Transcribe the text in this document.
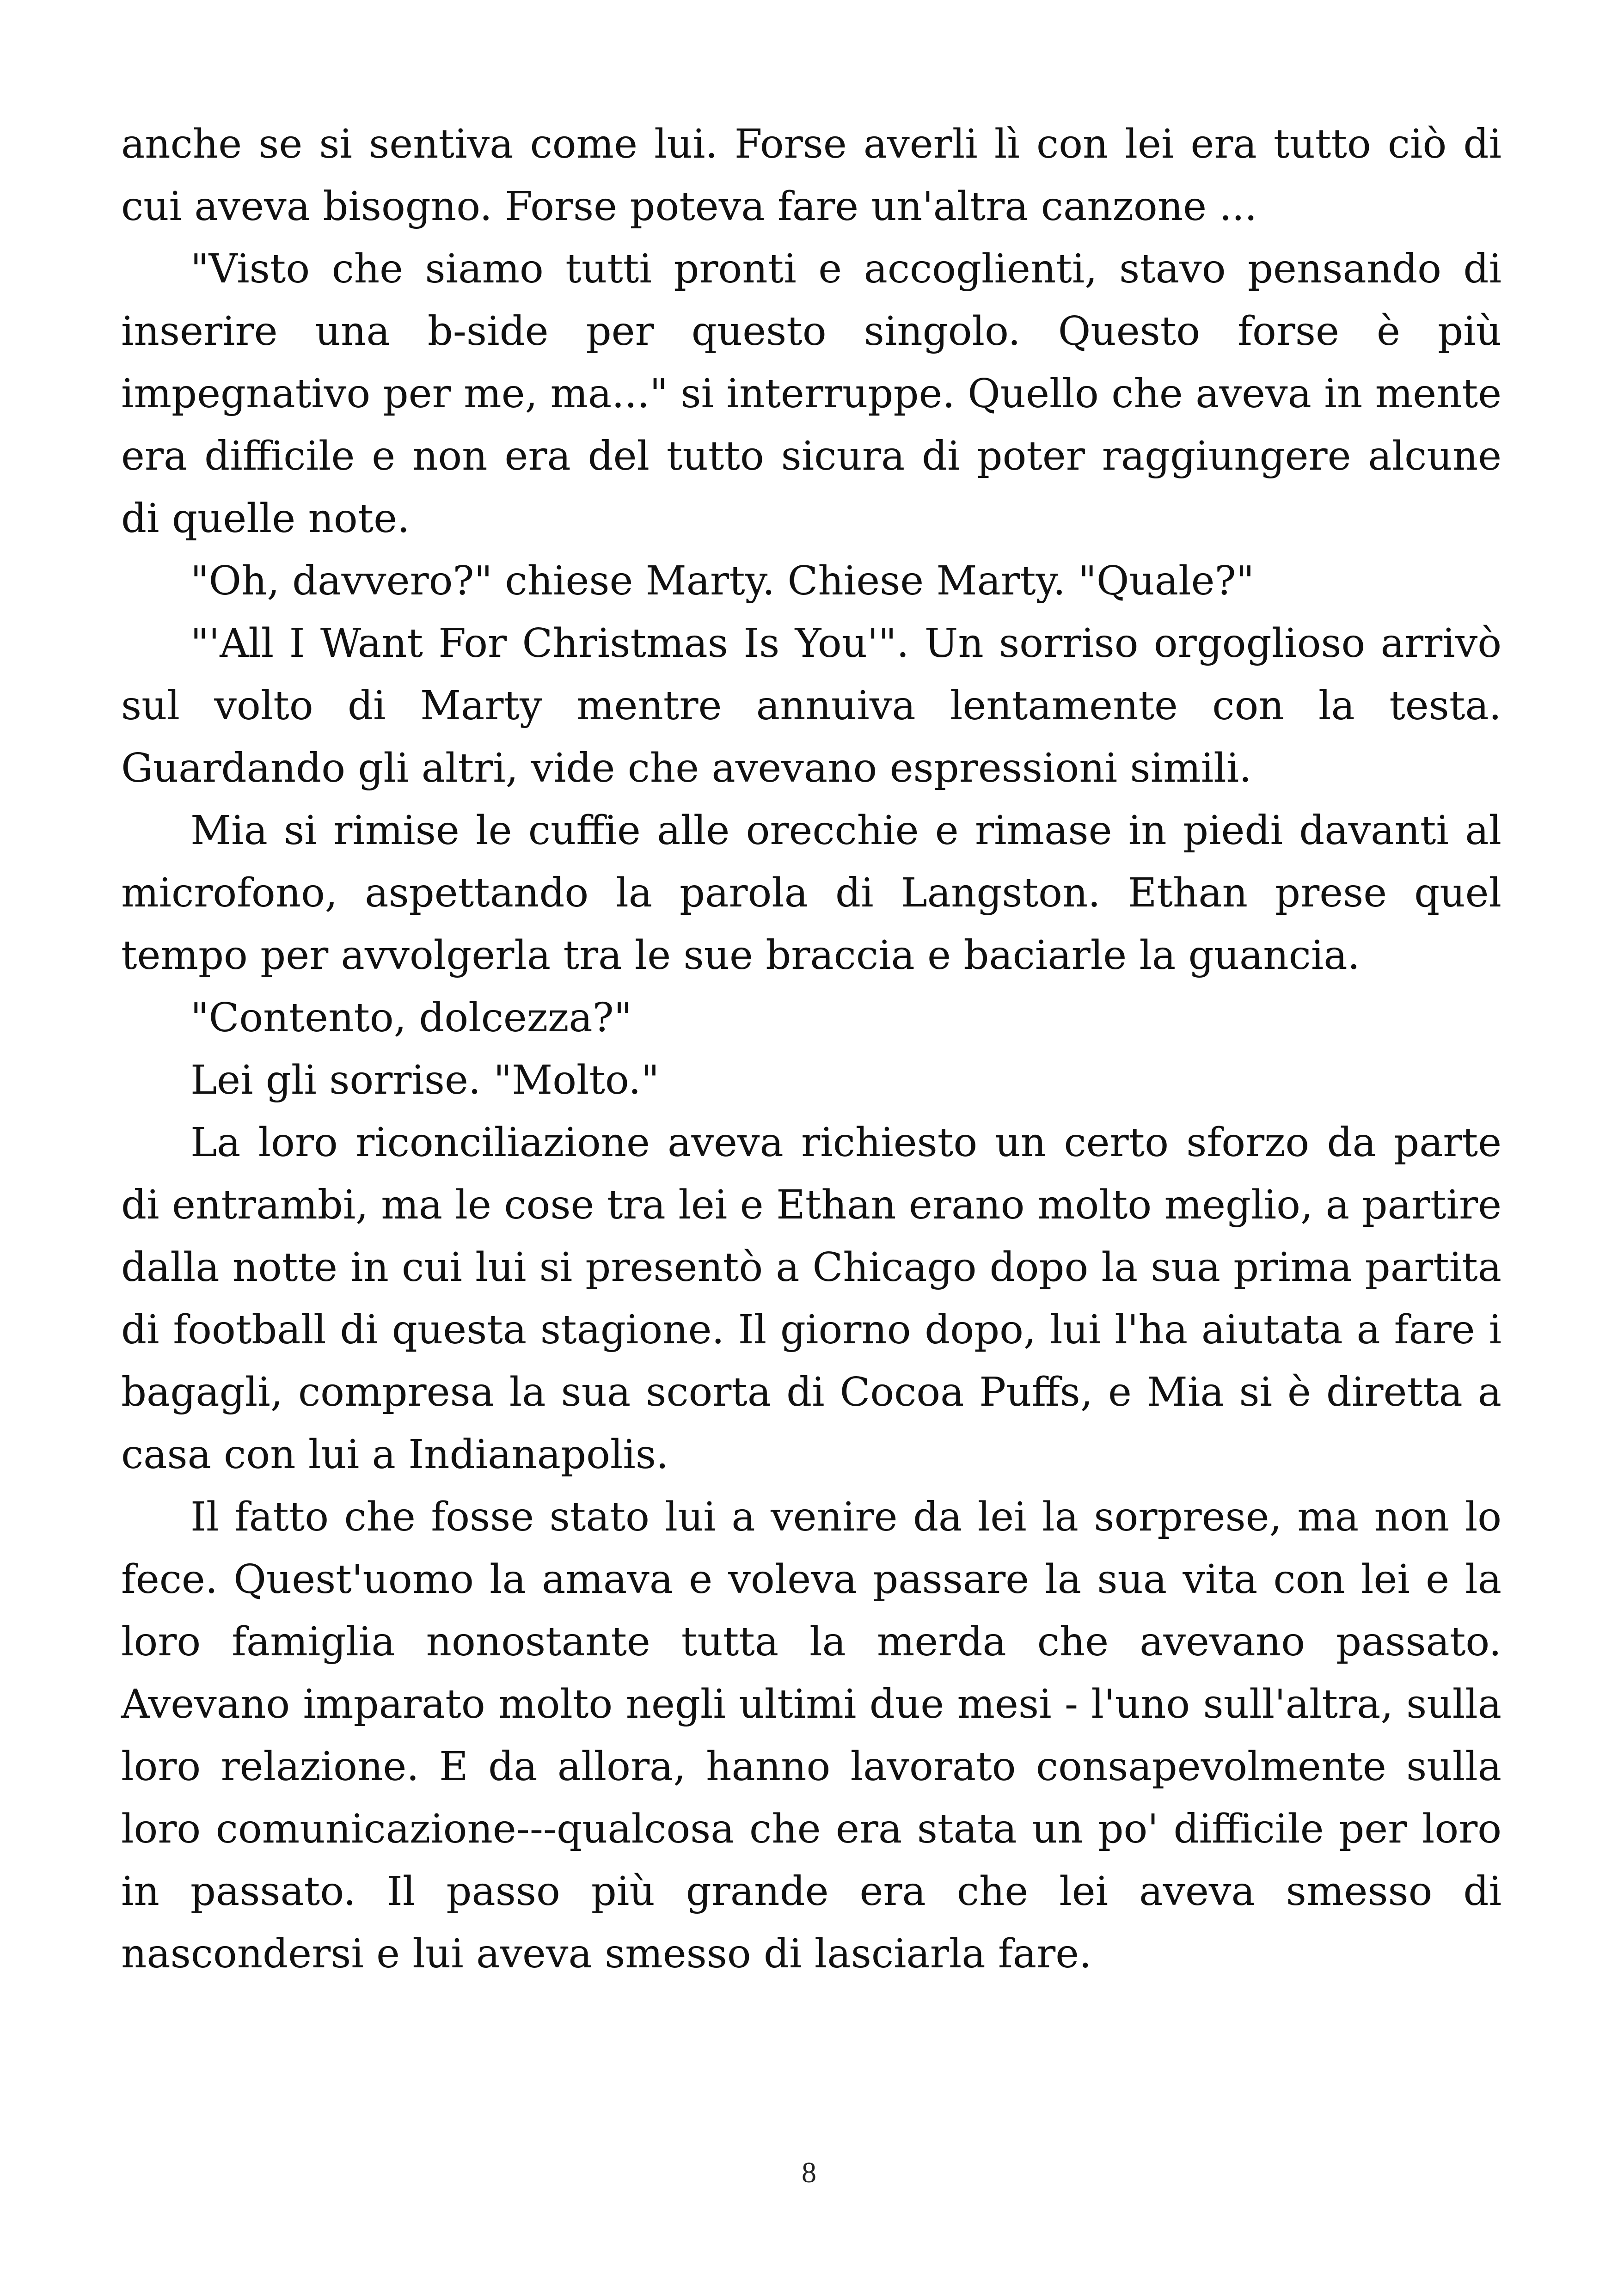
anche se si sentiva come lui. Forse averli lì con lei era tutto ciò di cui aveva bisogno. Forse poteva fare un'altra canzone ...

"Visto che siamo tutti pronti e accoglienti, stavo pensando di inserire una b-side per questo singolo. Questo forse è più impegnativo per me, ma..." si interruppe. Quello che aveva in mente era difficile e non era del tutto sicura di poter raggiungere alcune di quelle note.

"Oh, davvero?" chiese Marty. Chiese Marty. "Quale?"

"'All I Want For Christmas Is You'". Un sorriso orgoglioso arrivò sul volto di Marty mentre annuiva lentamente con la testa. Guardando gli altri, vide che avevano espressioni simili.

Mia si rimise le cuffie alle orecchie e rimase in piedi davanti al microfono, aspettando la parola di Langston. Ethan prese quel tempo per avvolgerla tra le sue braccia e baciarle la guancia.

"Contento, dolcezza?"

Lei gli sorrise. "Molto."

La loro riconciliazione aveva richiesto un certo sforzo da parte di entrambi, ma le cose tra lei e Ethan erano molto meglio, a partire dalla notte in cui lui si presentò a Chicago dopo la sua prima partita di football di questa stagione. Il giorno dopo, lui l'ha aiutata a fare i bagagli, compresa la sua scorta di Cocoa Puffs, e Mia si è diretta a casa con lui a Indianapolis.

Il fatto che fosse stato lui a venire da lei la sorprese, ma non lo fece. Quest'uomo la amava e voleva passare la sua vita con lei e la loro famiglia nonostante tutta la merda che avevano passato. Avevano imparato molto negli ultimi due mesi - l'uno sull'altra, sulla loro relazione. E da allora, hanno lavorato consapevolmente sulla loro comunicazione---qualcosa che era stata un po' difficile per loro in passato. Il passo più grande era che lei aveva smesso di nascondersi e lui aveva smesso di lasciarla fare.

8
